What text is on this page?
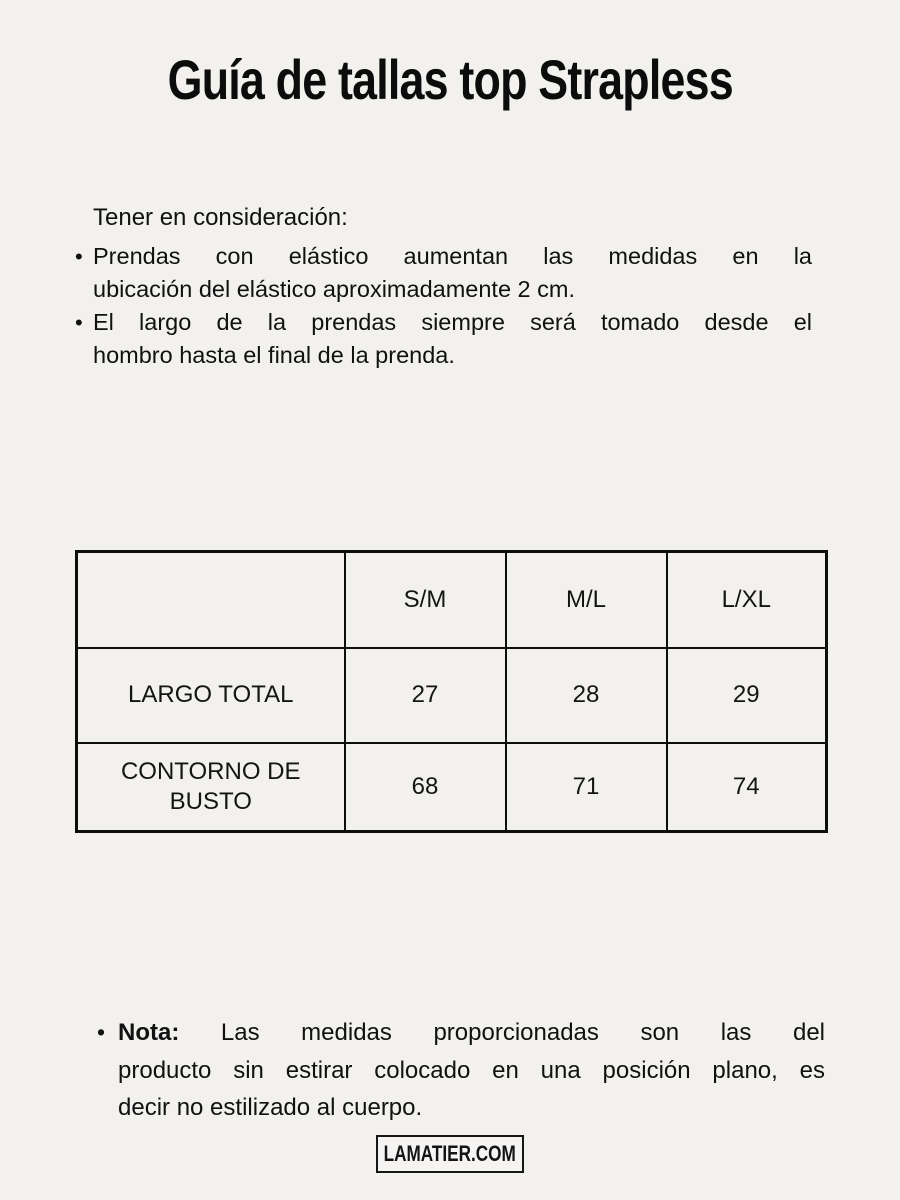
Guía de tallas top Strapless
Tener en consideración:
• Prendas con elástico aumentan las medidas en la
ubicación del elástico aproximadamente 2 cm.
• El largo de la prendas siempre será tomado desde el
hombro hasta el final de la prenda.
	S/M	M/L	L/XL
LARGO TOTAL	27	28	29
CONTORNO DE BUSTO	68	71	74
• Nota: Las medidas proporcionadas son las del
producto sin estirar colocado en una posición plano, es
decir no estilizado al cuerpo.
LAMATIER.COM
